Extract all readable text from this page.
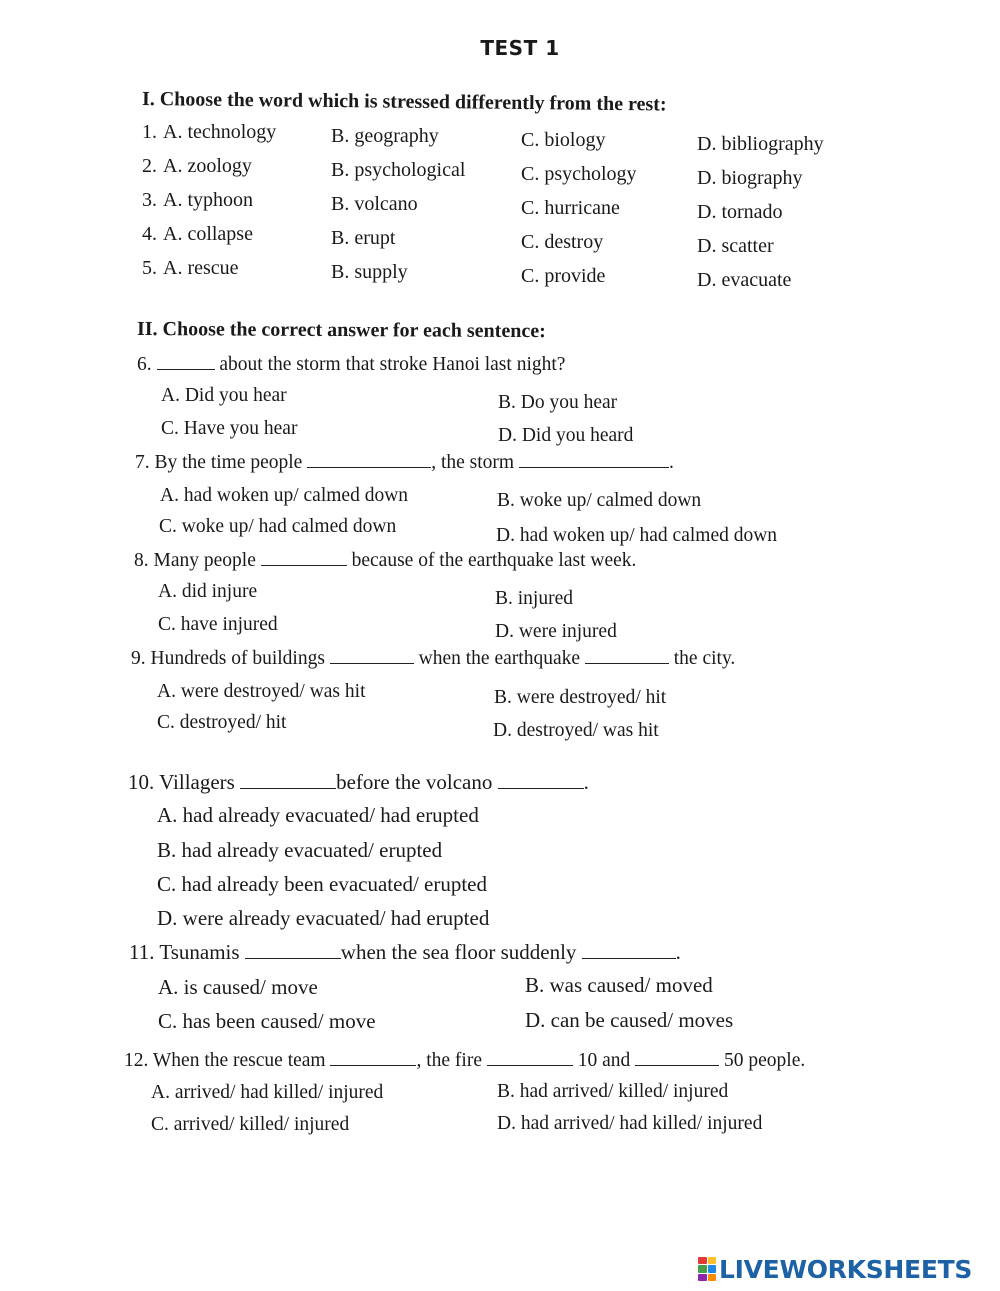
TEST 1
I. Choose the word which is stressed differently from the rest:
1. A. technology	B. geography	C. biology	D. bibliography
2. A. zoology	B. psychological	C. psychology	D. biography
3. A. typhoon	B. volcano	C. hurricane	D. tornado
4. A. collapse	B. erupt	C. destroy	D. scatter
5. A. rescue	B. supply	C. provide	D. evacuate
II. Choose the correct answer for each sentence:
6.	about the storm that stroke Hanoi last night?
A. Did you hear	B. Do you hear
C. Have you hear	D. Did you heard
7. By the time people	, the storm	.
A. had woken up/ calmed down	B. woke up/ calmed down
C. woke up/ had calmed down	D. had woken up/ had calmed down
8. Many people	because of the earthquake last week.
A. did injure	B. injured
C. have injured	D. were injured
9. Hundreds of buildings	when the earthquake	the city.
A. were destroyed/ was hit	B. were destroyed/ hit
C. destroyed/ hit	D. destroyed/ was hit
10. Villagers	before the volcano	.
A. had already evacuated/ had erupted
B. had already evacuated/ erupted
C. had already been evacuated/ erupted
D. were already evacuated/ had erupted
11. Tsunamis	when the sea floor suddenly	.
A. is caused/ move	B. was caused/ moved
C. has been caused/ move	D. can be caused/ moves
12. When the rescue team	, the fire	10 and	50 people.
A. arrived/ had killed/ injured	B. had arrived/ killed/ injured
C. arrived/ killed/ injured	D. had arrived/ had killed/ injured
LIVEWORKSHEETS
